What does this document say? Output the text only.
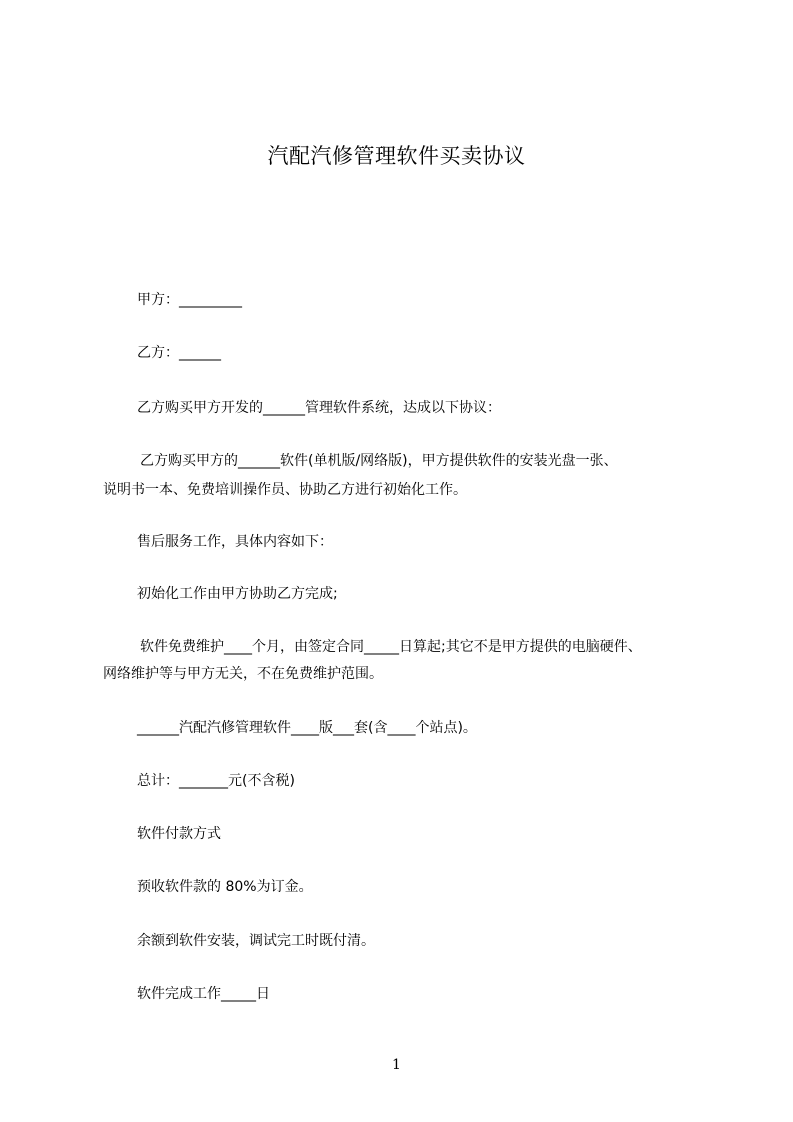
汽配汽修管理软件买卖协议
甲方：_________
乙方：______
乙方购买甲方开发的______管理软件系统，达成以下协议：
乙方购买甲方的______软件(单机版/网络版)，甲方提供软件的安装光盘一张、
说明书一本、免费培训操作员、协助乙方进行初始化工作。
售后服务工作，具体内容如下：
初始化工作由甲方协助乙方完成;
软件免费维护____个月，由签定合同_____日算起;其它不是甲方提供的电脑硬件、
网络维护等与甲方无关，不在免费维护范围。
______汽配汽修管理软件____版___套(含____个站点)。
总计：_______元(不含税)
软件付款方式
预收软件款的 80%为订金。
余额到软件安装，调试完工时既付清。
软件完成工作_____日
1
